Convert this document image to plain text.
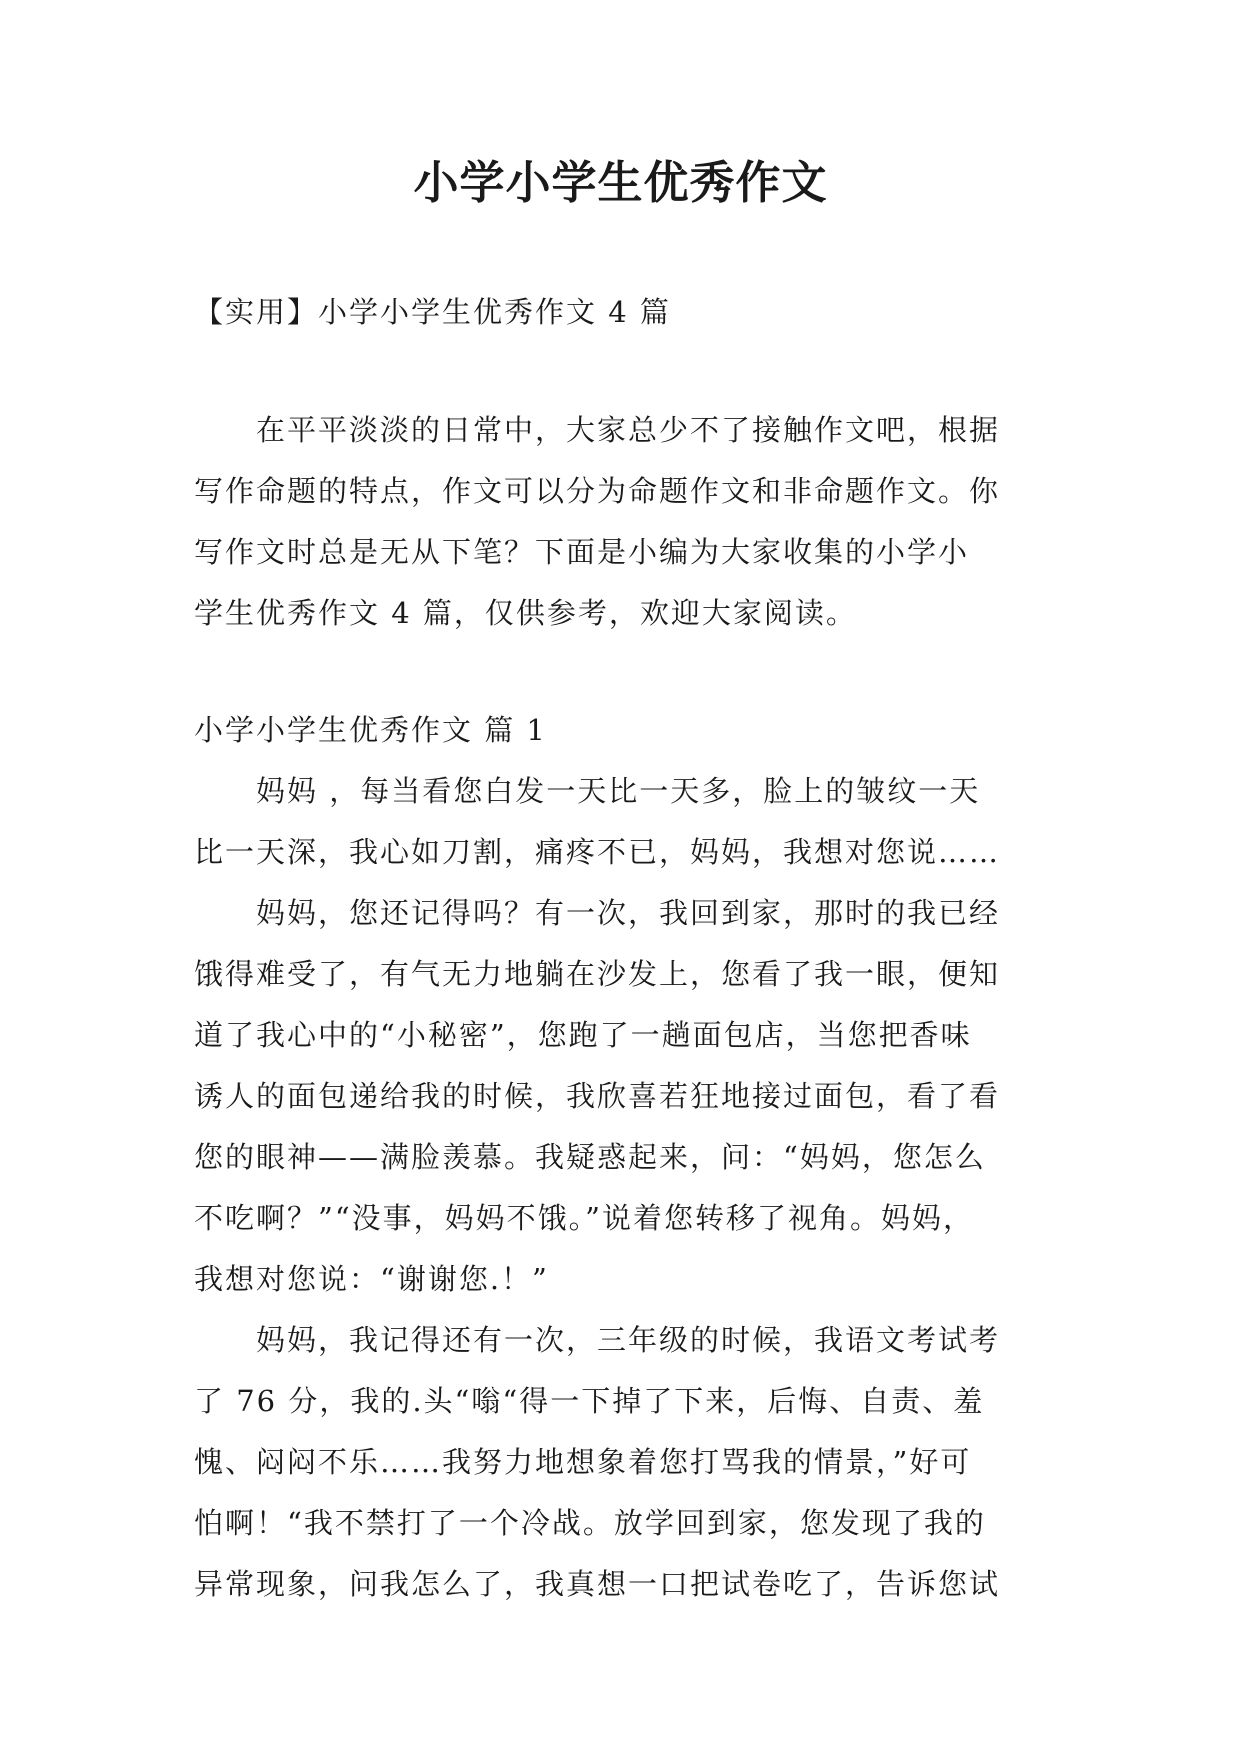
小学小学生优秀作文
【实用】小学小学生优秀作文 4 篇
　　在平平淡淡的日常中，大家总少不了接触作文吧，根据
写作命题的特点，作文可以分为命题作文和非命题作文。你
写作文时总是无从下笔？下面是小编为大家收集的小学小
学生优秀作文 4 篇，仅供参考，欢迎大家阅读。
小学小学生优秀作文 篇 1
　　妈妈 ，每当看您白发一天比一天多，脸上的皱纹一天
比一天深，我心如刀割，痛疼不已，妈妈，我想对您说……
　　妈妈，您还记得吗？有一次，我回到家，那时的我已经
饿得难受了，有气无力地躺在沙发上，您看了我一眼，便知
道了我心中的“小秘密”，您跑了一趟面包店，当您把香味
诱人的面包递给我的时候，我欣喜若狂地接过面包，看了看
您的眼神——满脸羡慕。我疑惑起来，问：“妈妈，您怎么
不吃啊？”“没事，妈妈不饿。”说着您转移了视角。妈妈，
我想对您说：“谢谢您.！”
　　妈妈，我记得还有一次，三年级的时候，我语文考试考
了 76 分，我的.头“嗡“得一下掉了下来，后悔、自责、羞
愧、闷闷不乐……我努力地想象着您打骂我的情景，”好可
怕啊！“我不禁打了一个冷战。放学回到家，您发现了我的
异常现象，问我怎么了，我真想一口把试卷吃了，告诉您试
